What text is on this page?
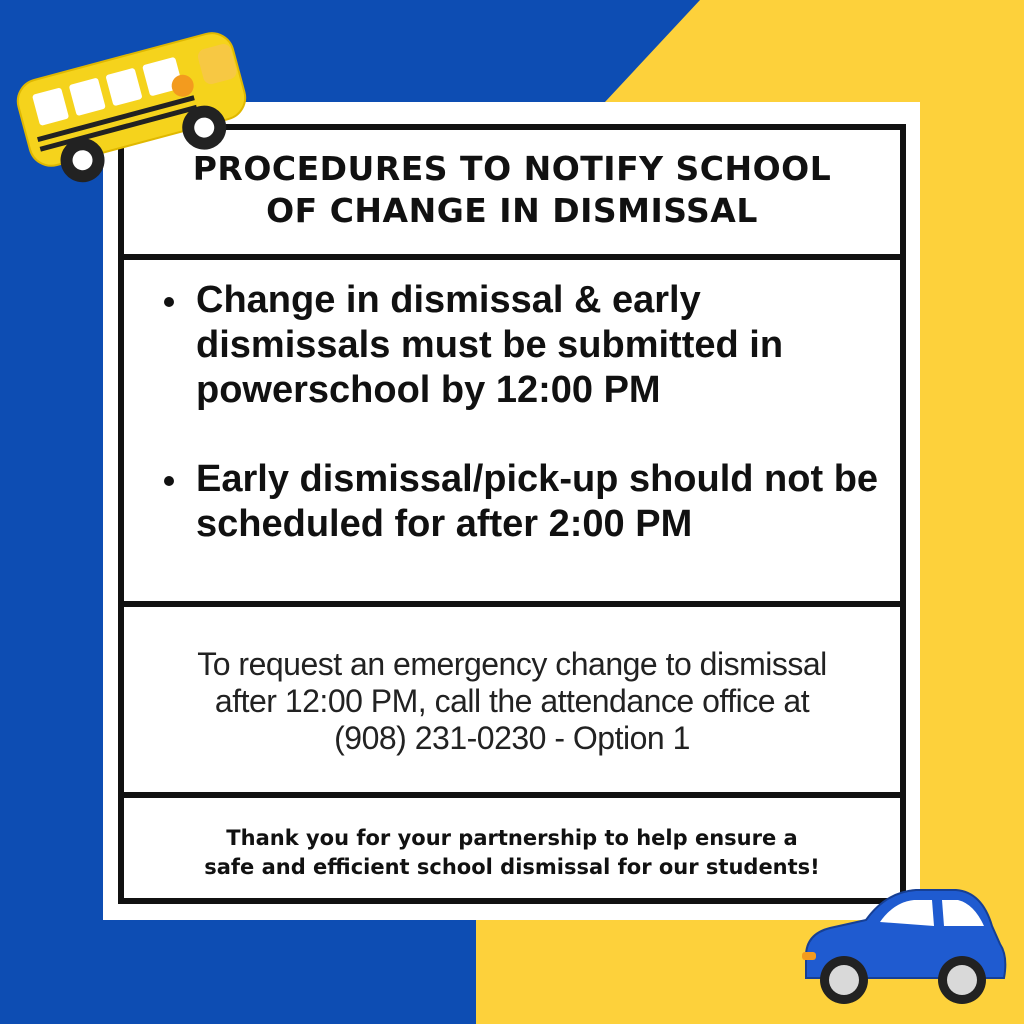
PROCEDURES TO NOTIFY SCHOOL
OF CHANGE IN DISMISSAL
Change in dismissal & early dismissals must be submitted in powerschool by 12:00 PM
Early dismissal/pick-up should not be scheduled for after 2:00 PM
To request an emergency change to dismissal
after 12:00 PM, call the attendance office at
(908) 231-0230 - Option 1
Thank you for your partnership to help ensure a
safe and efficient school dismissal for our students!
